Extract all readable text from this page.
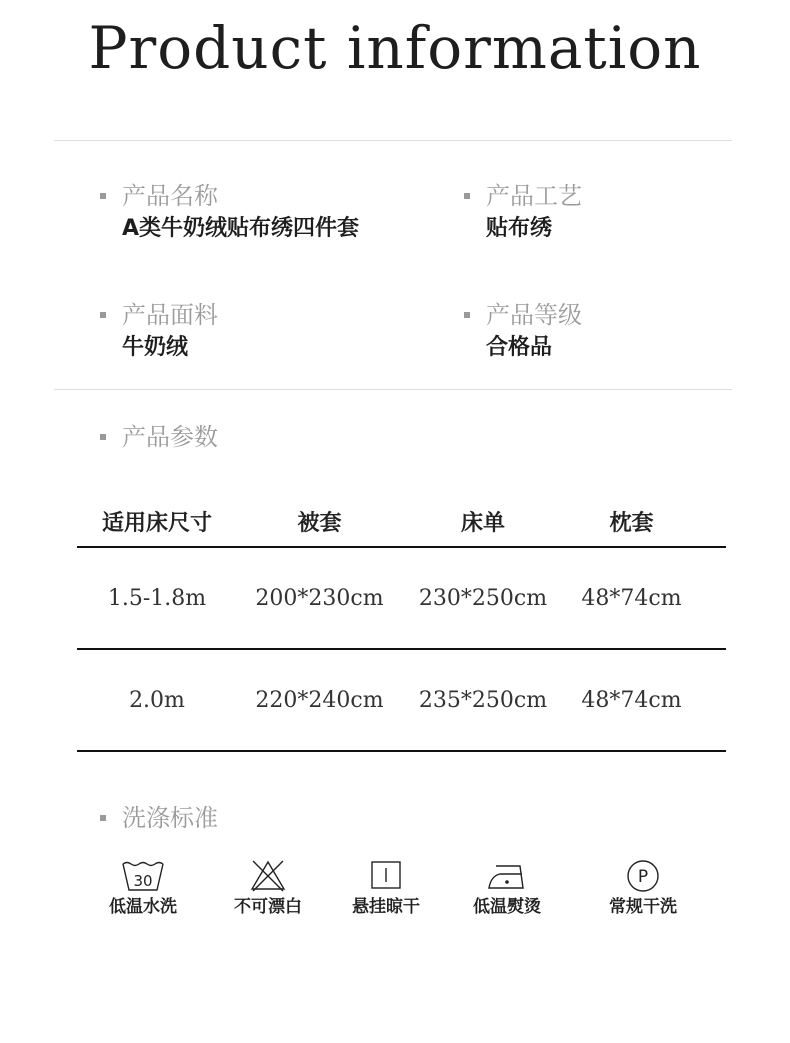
Product information
产品名称
A类牛奶绒贴布绣四件套
产品工艺
贴布绣
产品面料
牛奶绒
产品等级
合格品
产品参数
适用床尺寸	被套	床单	枕套
1.5-1.8m	200*230cm	230*250cm	48*74cm
2.0m	220*240cm	235*250cm	48*74cm
洗涤标准
30
低温水洗	不可漂白	悬挂晾干	低温熨烫
P
常规干洗
